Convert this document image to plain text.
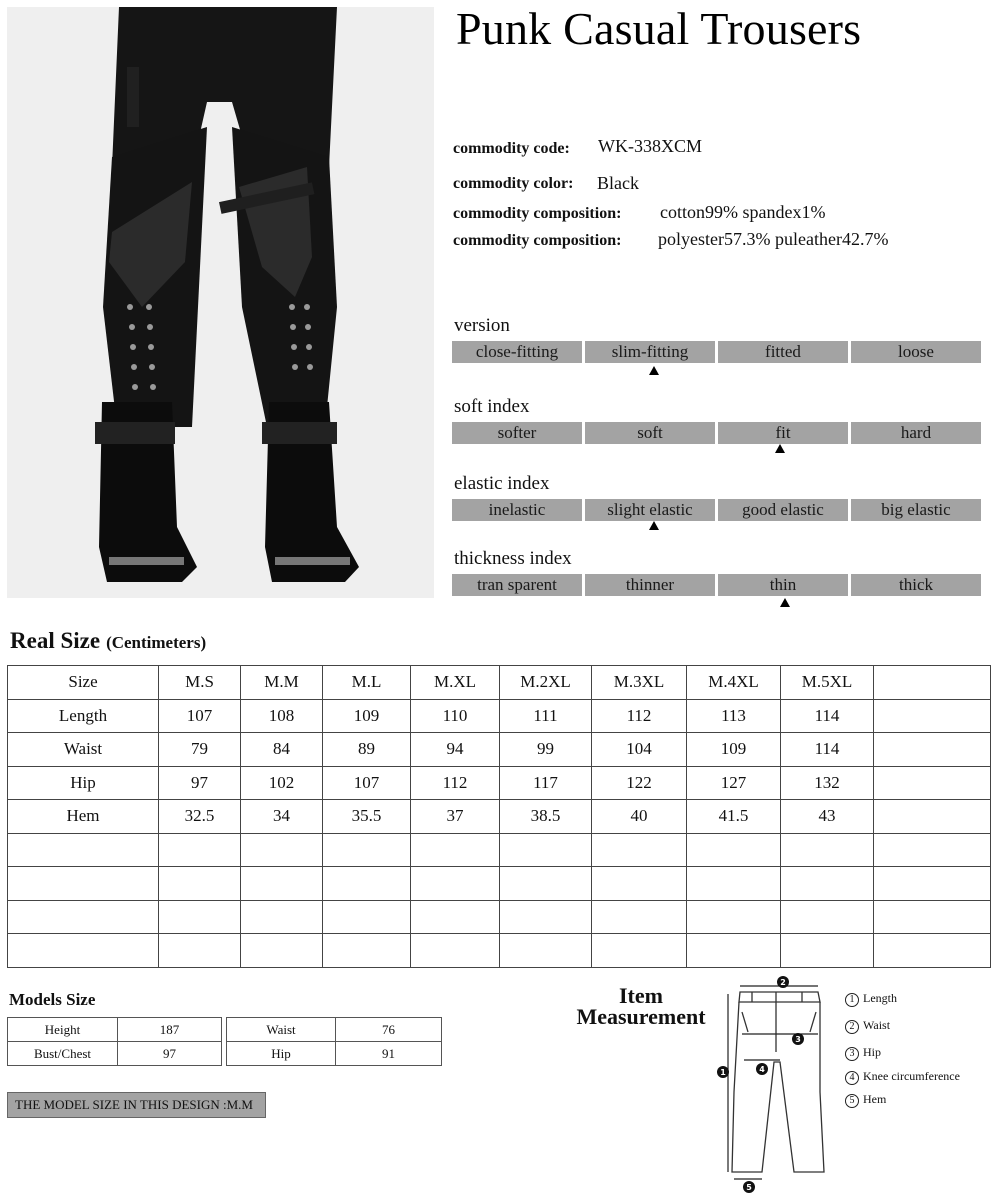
Punk Casual Trousers
commodity code: WK-338XCM
commodity color: Black
commodity composition: cotton99% spandex1%
commodity composition: polyester57.3% puleather42.7%
version
close-fitting	slim-fitting	fitted	loose
soft index
softer	soft	fit	hard
elastic index
inelastic	slight elastic	good elastic	big elastic
thickness index
tran sparent	thinner	thin	thick
Real Size (Centimeters)
Size	M.S	M.M	M.L	M.XL	M.2XL	M.3XL	M.4XL	M.5XL	
Length	107	108	109	110	111	112	113	114	
Waist	79	84	89	94	99	104	109	114	
Hip	97	102	107	112	117	122	127	132	
Hem	32.5	34	35.5	37	38.5	40	41.5	43	

Models Size
Height	187
Bust/Chest	97
Waist	76
Hip	91
THE MODEL SIZE IN THIS DESIGN :M.M
Item
Measurement
1
2
3
4
5
1 Length
2 Waist
3 Hip
4 Knee circumference
5 Hem
